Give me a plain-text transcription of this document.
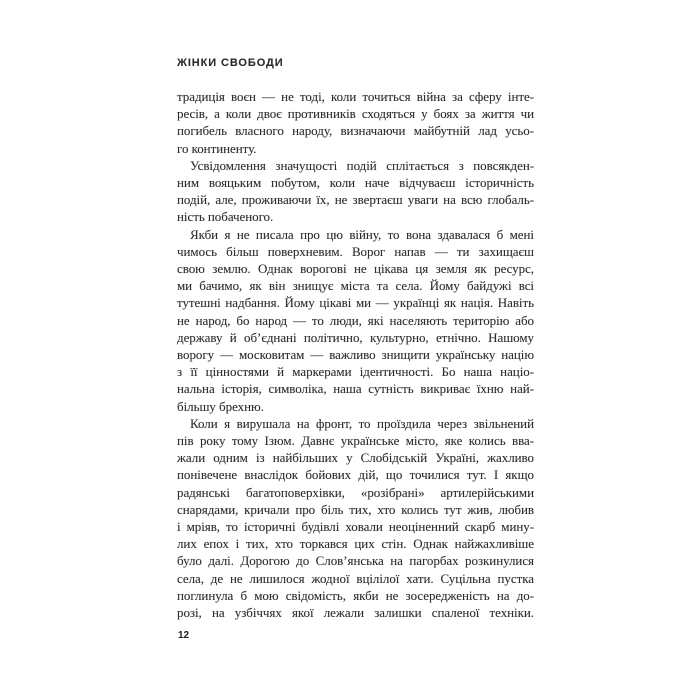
ЖІНКИ СВОБОДИ
традиція воєн — не тоді, коли точиться війна за сферу інте-
ресів, а коли двоє противників сходяться у боях за життя чи
погибель власного народу, визначаючи майбутній лад усьо-
го континенту.
Усвідомлення значущості подій сплітається з повсякден-
ним вояцьким побутом, коли наче відчуваєш історичність
подій, але, проживаючи їх, не звертаєш уваги на всю глобаль-
ність побаченого.
Якби я не писала про цю війну, то вона здавалася б мені
чимось більш поверхневим. Ворог напав — ти захищаєш
свою землю. Однак ворогові не цікава ця земля як ресурс,
ми бачимо, як він знищує міста та села. Йому байдужі всі
тутешні надбання. Йому цікаві ми — українці як нація. Навіть
не народ, бо народ — то люди, які населяють територію або
державу й об’єднані політично, культурно, етнічно. Нашому
ворогу — московитам — важливо знищити українську націю
з її цінностями й маркерами ідентичності. Бо наша націо-
нальна історія, символіка, наша сутність викриває їхню най-
більшу брехню.
Коли я вирушала на фронт, то проїздила через звільнений
пів року тому Ізюм. Давнє українське місто, яке колись вва-
жали одним із найбільших у Слобідській Україні, жахливо
понівечене внаслідок бойових дій, що точилися тут. І якщо
радянські багатоповерхівки, «розібрані» артилерійськими
снарядами, кричали про біль тих, хто колись тут жив, любив
і мріяв, то історичні будівлі ховали неоціненний скарб мину-
лих епох і тих, хто торкався цих стін. Однак найжахливіше
було далі. Дорогою до Слов’янська на пагорбах розкинулися
села, де не лишилося жодної вцілілої хати. Суцільна пустка
поглинула б мою свідомість, якби не зосередженість на до-
розі, на узбіччях якої лежали залишки спаленої техніки.
12
